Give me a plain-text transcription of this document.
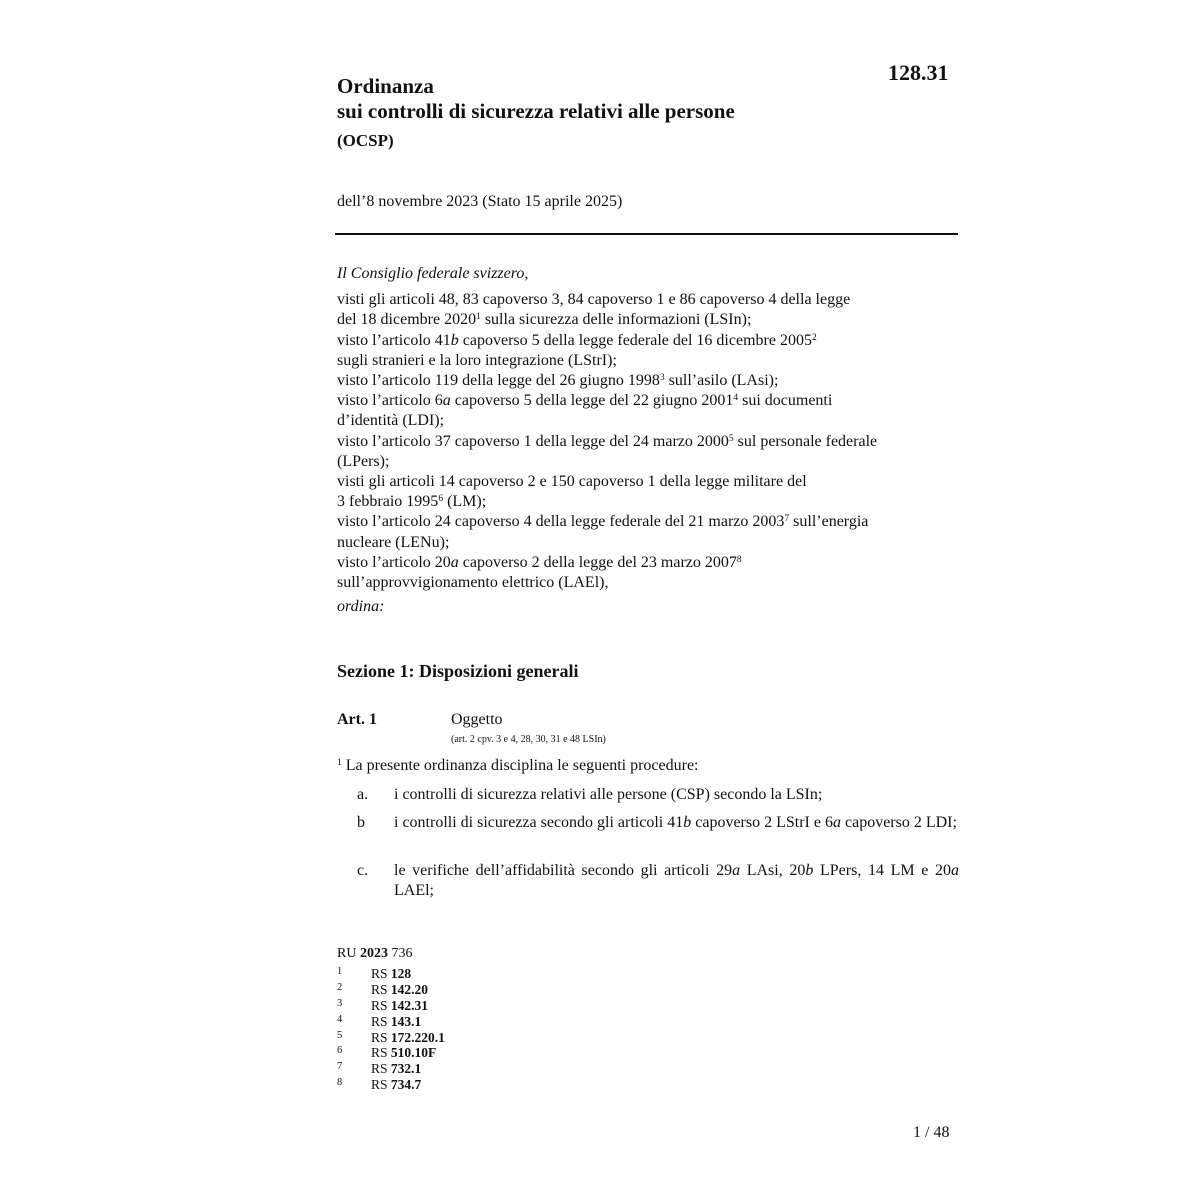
128.31
Ordinanza
sui controlli di sicurezza relativi alle persone
(OCSP)
dell’8 novembre 2023 (Stato 15 aprile 2025)
Il Consiglio federale svizzero,
visti gli articoli 48, 83 capoverso 3, 84 capoverso 1 e 86 capoverso 4 della legge
del 18 dicembre 2020$^1$ sulla sicurezza delle informazioni (LSIn);
visto l’articolo 41b capoverso 5 della legge federale del 16 dicembre 2005$^2$
sugli stranieri e la loro integrazione (LStrI);
visto l’articolo 119 della legge del 26 giugno 1998$^3$ sull’asilo (LAsi);
visto l’articolo 6a capoverso 5 della legge del 22 giugno 2001$^4$ sui documenti
d’identità (LDI);
visto l’articolo 37 capoverso 1 della legge del 24 marzo 2000$^5$ sul personale federale
(LPers);
visti gli articoli 14 capoverso 2 e 150 capoverso 1 della legge militare del
3 febbraio 1995$^6$ (LM);
visto l’articolo 24 capoverso 4 della legge federale del 21 marzo 2003$^7$ sull’energia
nucleare (LENu);
visto l’articolo 20a capoverso 2 della legge del 23 marzo 2007$^8$
sull’approvvigionamento elettrico (LAEl),
ordina:
Sezione 1: Disposizioni generali
Art. 1	Oggetto
(art. 2 cpv. 3 e 4, 28, 30, 31 e 48 LSIn)
$^1$ La presente ordinanza disciplina le seguenti procedure:
a. i controlli di sicurezza relativi alle persone (CSP) secondo la LSIn;
b i controlli di sicurezza secondo gli articoli 41b capoverso 2 LStrI e 6a capoverso 2 LDI;
c. le verifiche dell’affidabilità secondo gli articoli 29a LAsi, 20b LPers, 14 LM e 20a LAEl;
RU 2023 736
1 RS 128
2 RS 142.20
3 RS 142.31
4 RS 143.1
5 RS 172.220.1
6 RS 510.10F
7 RS 732.1
8 RS 734.7
1 / 48
